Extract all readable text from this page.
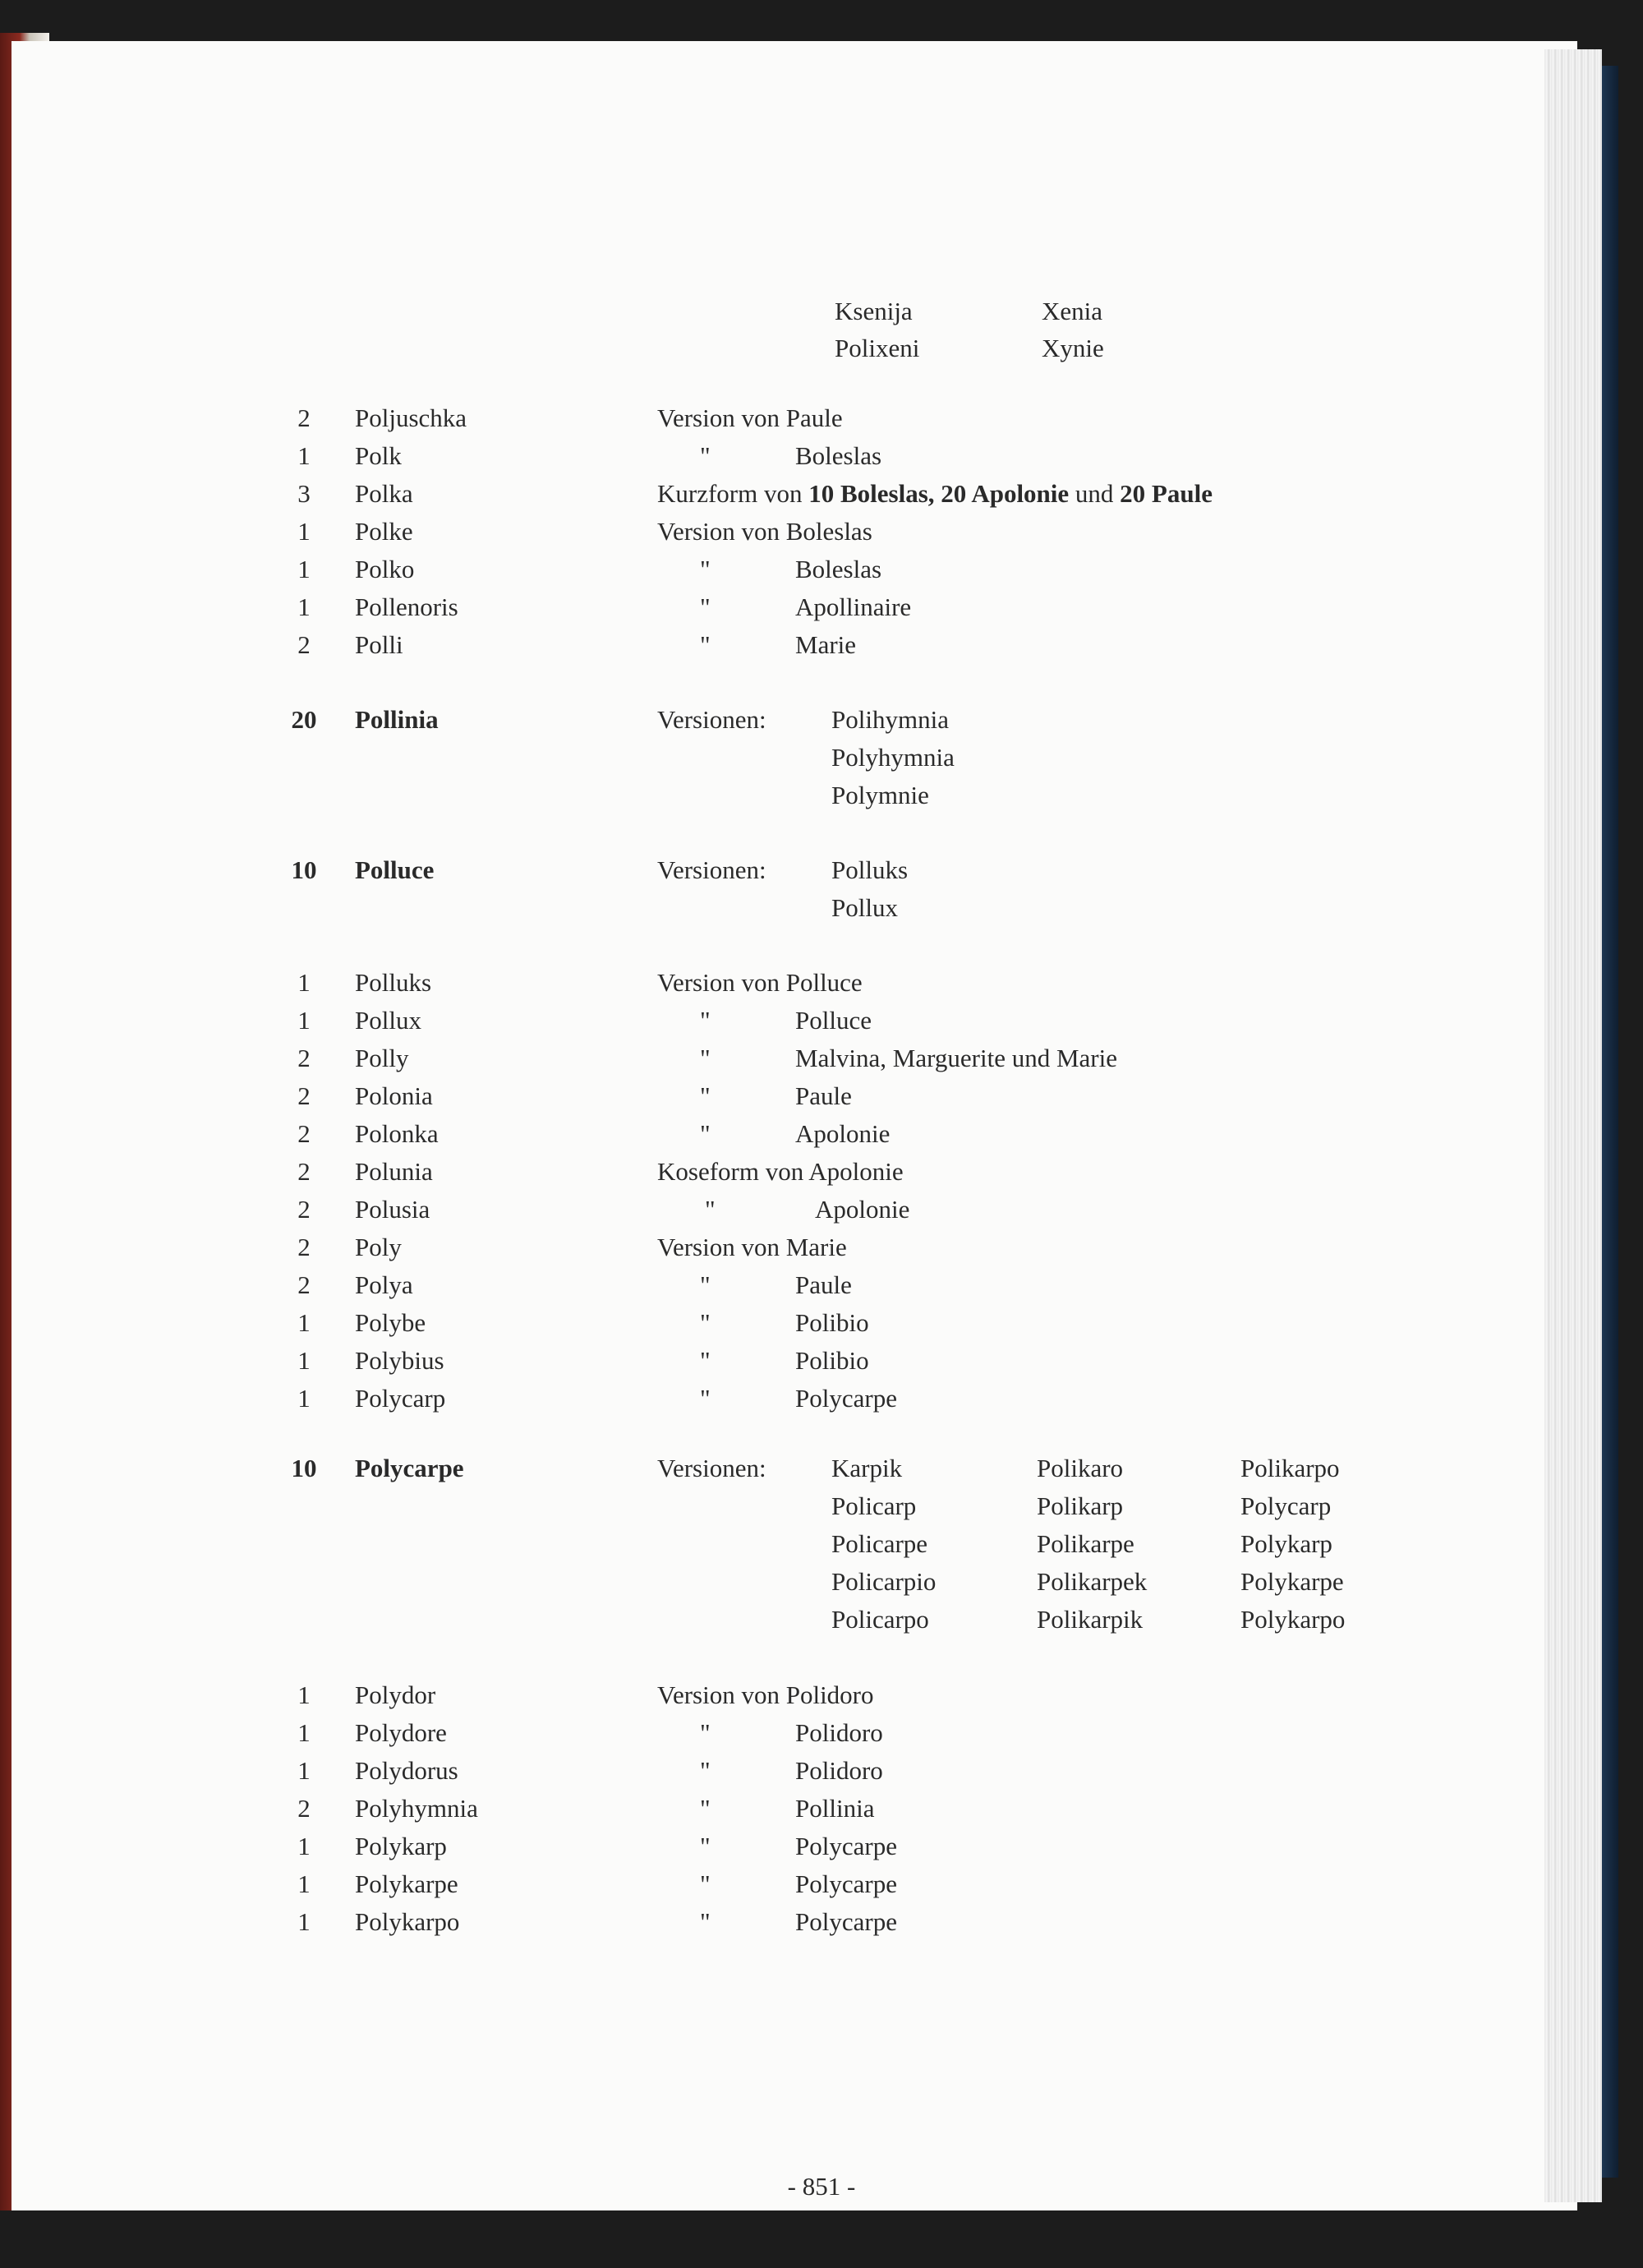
Ksenija	Xenia
Polixeni	Xynie
2	Poljuschka	Version von Paule
1	Polk	"	Boleslas
3	Polka	Kurzform von 10 Boleslas, 20 Apolonie und 20 Paule
1	Polke	Version von Boleslas
1	Polko	"	Boleslas
1	Pollenoris	"	Apollinaire
2	Polli	"	Marie
20	Pollinia	Versionen:	Polihymnia
Polyhymnia
Polymnie
10	Polluce	Versionen:	Polluks
Pollux
1	Polluks	Version von Polluce
1	Pollux	"	Polluce
2	Polly	"	Malvina, Marguerite und Marie
2	Polonia	"	Paule
2	Polonka	"	Apolonie
2	Polunia	Koseform von Apolonie
2	Polusia	"	Apolonie
2	Poly	Version von Marie
2	Polya	"	Paule
1	Polybe	"	Polibio
1	Polybius	"	Polibio
1	Polycarp	"	Polycarpe
10	Polycarpe	Versionen:	Karpik	Polikaro	Polikarpo
Policarp	Polikarp	Polycarp
Policarpe	Polikarpe	Polykarp
Policarpio	Polikarpek	Polykarpe
Policarpo	Polikarpik	Polykarpo
1	Polydor	Version von Polidoro
1	Polydore	"	Polidoro
1	Polydorus	"	Polidoro
2	Polyhymnia	"	Pollinia
1	Polykarp	"	Polycarpe
1	Polykarpe	"	Polycarpe
1	Polykarpo	"	Polycarpe
- 851 -
